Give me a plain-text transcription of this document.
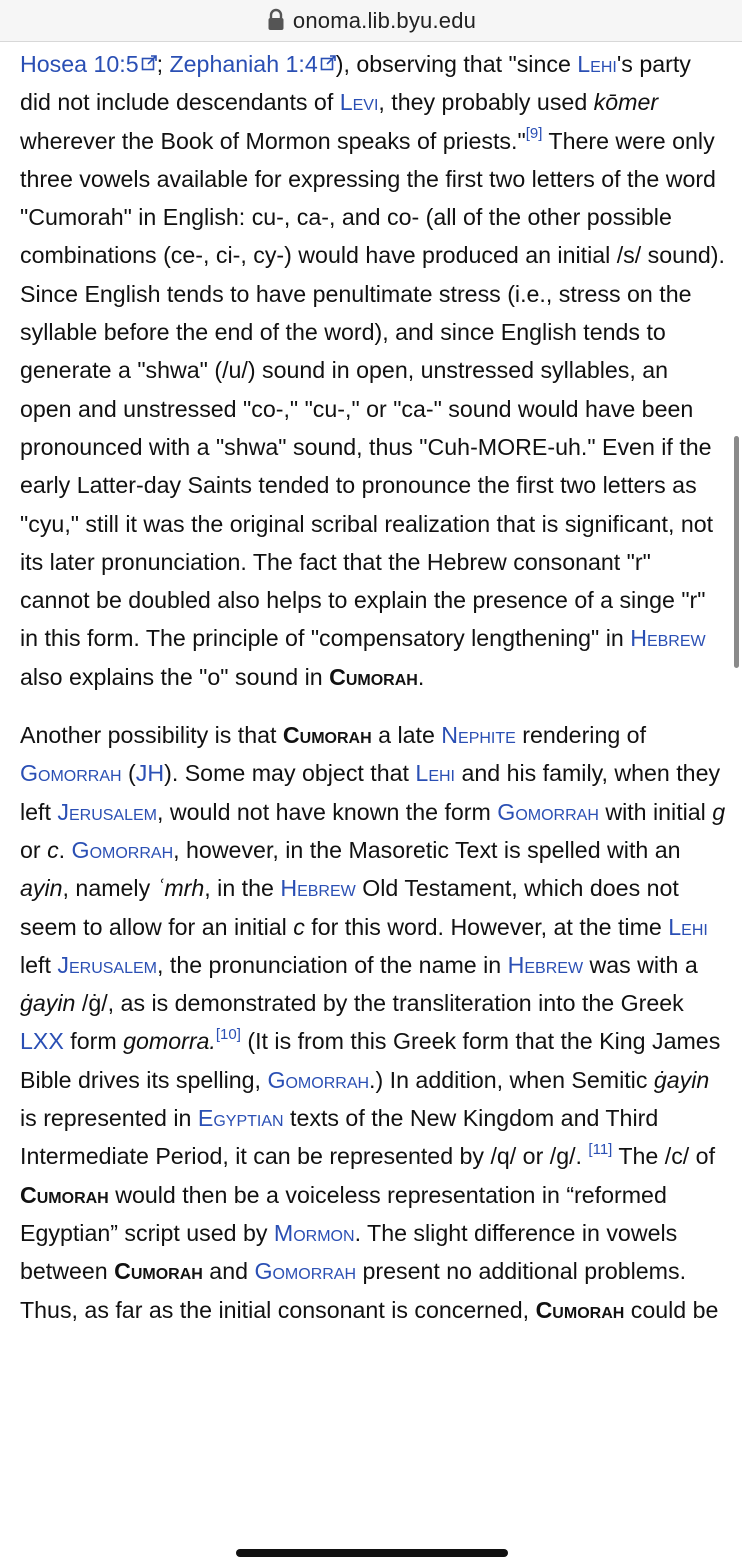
onoma.lib.byu.edu

Hosea 10:5 ; Zephaniah 1:4 ), observing that "since Lehi's party did not include descendants of Levi, they probably used kōmer wherever the Book of Mormon speaks of priests."[9] There were only three vowels available for expressing the first two letters of the word "Cumorah" in English: cu-, ca-, and co- (all of the other possible combinations (ce-, ci-, cy-) would have produced an initial /s/ sound). Since English tends to have penultimate stress (i.e., stress on the syllable before the end of the word), and since English tends to generate a "shwa" (/u/) sound in open, unstressed syllables, an open and unstressed "co-," "cu-," or "ca-" sound would have been pronounced with a "shwa" sound, thus "Cuh-MORE-uh." Even if the early Latter-day Saints tended to pronounce the first two letters as "cyu," still it was the original scribal realization that is significant, not its later pronunciation. The fact that the Hebrew consonant "r" cannot be doubled also helps to explain the presence of a singe "r" in this form. The principle of "compensatory lengthening" in Hebrew also explains the "o" sound in Cumorah.

Another possibility is that Cumorah a late Nephite rendering of Gomorrah (JH). Some may object that Lehi and his family, when they left Jerusalem, would not have known the form Gomorrah with initial g or c. Gomorrah, however, in the Masoretic Text is spelled with an ayin, namely ʿmrh, in the Hebrew Old Testament, which does not seem to allow for an initial c for this word. However, at the time Lehi left Jerusalem, the pronunciation of the name in Hebrew was with a ġayin /ġ/, as is demonstrated by the transliteration into the Greek LXX form gomorra.[10] (It is from this Greek form that the King James Bible drives its spelling, Gomorrah.) In addition, when Semitic ġayin is represented in Egyptian texts of the New Kingdom and Third Intermediate Period, it can be represented by /q/ or /g/. [11] The /c/ of Cumorah would then be a voiceless representation in “reformed Egyptian” script used by Mormon. The slight difference in vowels between Cumorah and Gomorrah present no additional problems. Thus, as far as the initial consonant is concerned, Cumorah could be
